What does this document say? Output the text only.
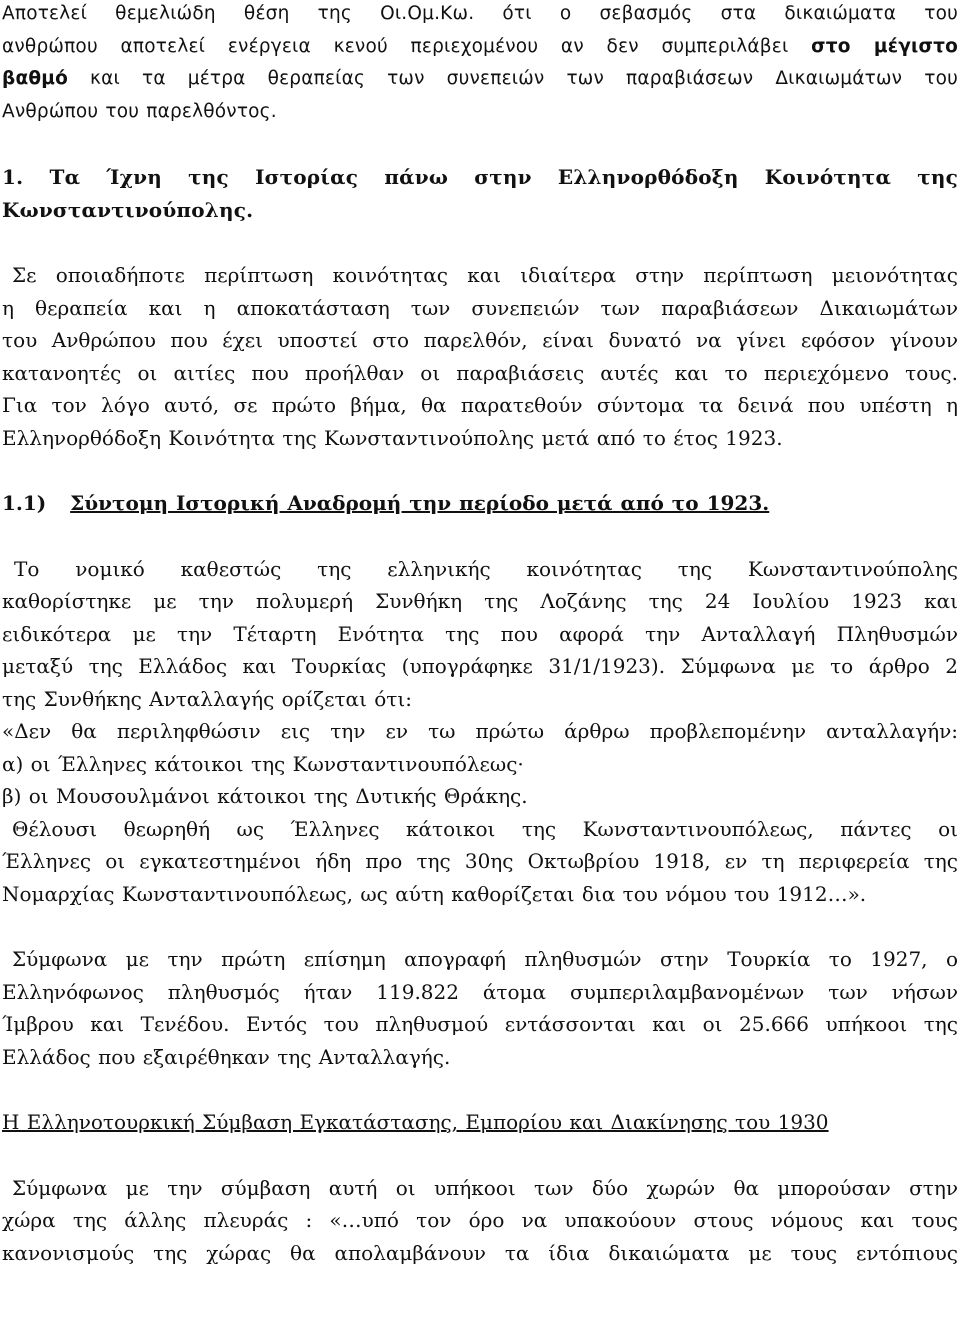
Αποτελεί θεμελιώδη θέση της Οι.Ομ.Κω. ότι ο σεβασμός στα δικαιώματα του
ανθρώπου αποτελεί ενέργεια κενού περιεχομένου αν δεν συμπεριλάβει στο μέγιστο
βαθμό και τα μέτρα θεραπείας των συνεπειών των παραβιάσεων Δικαιωμάτων του
Ανθρώπου του παρελθόντος.
1. Τα Ίχνη της Ιστορίας πάνω στην Ελληνορθόδοξη Κοινότητα της
Κωνσταντινούπολης.
Σε οποιαδήποτε περίπτωση κοινότητας και ιδιαίτερα στην περίπτωση μειονότητας
η θεραπεία και η αποκατάσταση των συνεπειών των παραβιάσεων Δικαιωμάτων
του Ανθρώπου που έχει υποστεί στο παρελθόν, είναι δυνατό να γίνει εφόσον γίνουν
κατανοητές οι αιτίες που προήλθαν οι παραβιάσεις αυτές και το περιεχόμενο τους.
Για τον λόγο αυτό, σε πρώτο βήμα, θα παρατεθούν σύντομα τα δεινά που υπέστη η
Ελληνορθόδοξη Κοινότητα της Κωνσταντινούπολης μετά από το έτος 1923.
1.1) Σύντομη Ιστορική Αναδρομή την περίοδο μετά από το 1923.
Το νομικό καθεστώς της ελληνικής κοινότητας της Κωνσταντινούπολης
καθορίστηκε με την πολυμερή Συνθήκη της Λοζάνης της 24 Ιουλίου 1923 και
ειδικότερα με την Τέταρτη Ενότητα της που αφορά την Ανταλλαγή Πληθυσμών
μεταξύ της Ελλάδος και Τουρκίας (υπογράφηκε 31/1/1923). Σύμφωνα με το άρθρο 2
της Συνθήκης Ανταλλαγής ορίζεται ότι:
«Δεν θα περιληφθώσιν εις την εν τω πρώτω άρθρω προβλεπομένην ανταλλαγήν:
α) οι Έλληνες κάτοικοι της Κωνσταντινουπόλεως·
β) οι Μουσουλμάνοι κάτοικοι της Δυτικής Θράκης.
Θέλουσι θεωρηθή ως Έλληνες κάτοικοι της Κωνσταντινουπόλεως, πάντες οι
Έλληνες οι εγκατεστημένοι ήδη προ της 30ης Οκτωβρίου 1918, εν τη περιφερεία της
Νομαρχίας Κωνσταντινουπόλεως, ως αύτη καθορίζεται δια του νόμου του 1912…».
Σύμφωνα με την πρώτη επίσημη απογραφή πληθυσμών στην Τουρκία το 1927, ο
Ελληνόφωνος πληθυσμός ήταν 119.822 άτομα συμπεριλαμβανομένων των νήσων
Ίμβρου και Τενέδου. Εντός του πληθυσμού εντάσσονται και οι 25.666 υπήκοοι της
Ελλάδος που εξαιρέθηκαν της Ανταλλαγής.
Η Ελληνοτουρκική Σύμβαση Εγκατάστασης, Εμπορίου και Διακίνησης του 1930
Σύμφωνα με την σύμβαση αυτή οι υπήκοοι των δύο χωρών θα μπορούσαν στην
χώρα της άλλης πλευράς : «…υπό τον όρο να υπακούουν στους νόμους και τους
κανονισμούς της χώρας θα απολαμβάνουν τα ίδια δικαιώματα με τους εντόπιους
